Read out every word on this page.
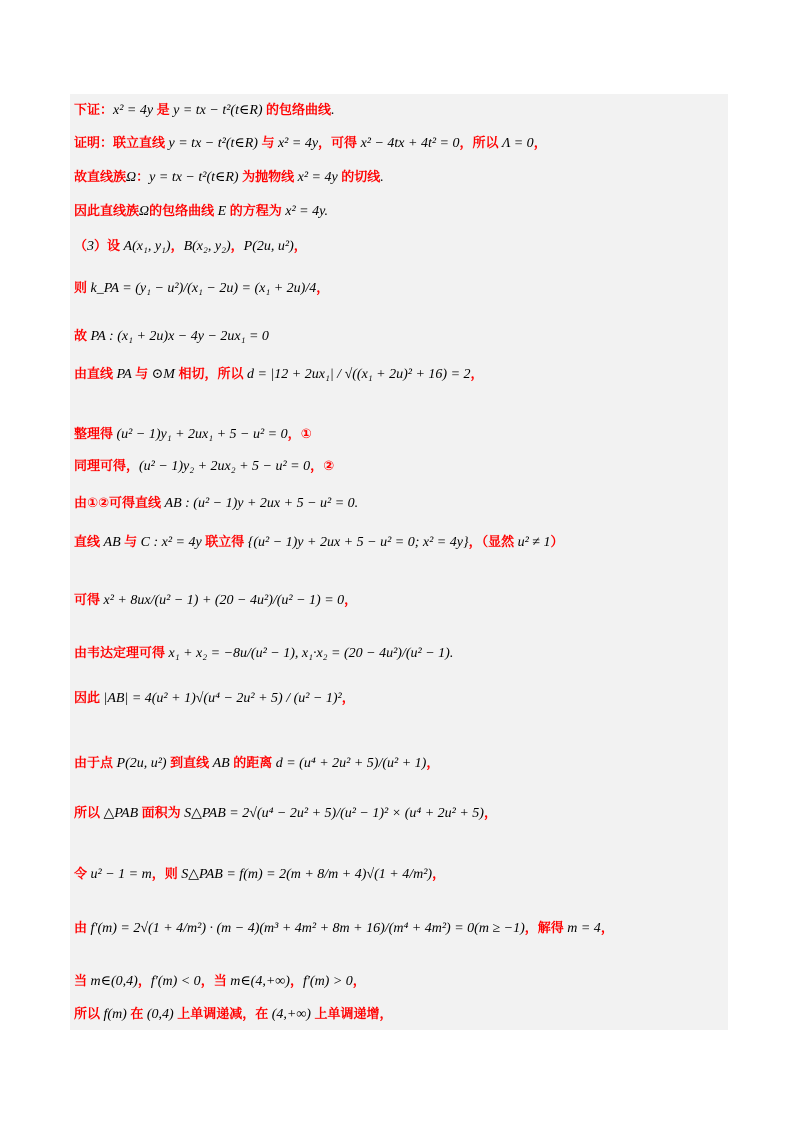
下证：x² = 4y 是 y = tx − t²(t∈R) 的包络曲线.
证明：联立直线 y = tx − t²(t∈R) 与 x² = 4y，可得 x² − 4tx + 4t² = 0，所以 Λ = 0，
故直线族Ω：y = tx − t²(t∈R) 为抛物线 x² = 4y 的切线.
因此直线族Ω的包络曲线 E 的方程为 x² = 4y.
（3）设 A(x₁, y₁)，B(x₂, y₂)，P(2u, u²)，
则 k_PA = (y₁ − u²)/(x₁ − 2u) = (x₁ + 2u)/4，
故 PA : (x₁ + 2u)x − 4y − 2ux₁ = 0
由直线 PA 与 ⊙M 相切，所以 d = |12 + 2ux₁| / √((x₁ + 2u)² + 16) = 2，
整理得 (u² − 1)y₁ + 2ux₁ + 5 − u² = 0，①
同理可得，(u² − 1)y₂ + 2ux₂ + 5 − u² = 0，②
由①②可得直线 AB : (u² − 1)y + 2ux + 5 − u² = 0.
直线 AB 与 C : x² = 4y 联立得 {(u² − 1)y + 2ux + 5 − u² = 0; x² = 4y}，（显然 u² ≠ 1）
可得 x² + 8ux/(u² − 1) + (20 − 4u²)/(u² − 1) = 0，
由韦达定理可得 x₁ + x₂ = −8u/(u² − 1), x₁·x₂ = (20 − 4u²)/(u² − 1).
因此 |AB| = 4(u² + 1)√(u⁴ − 2u² + 5) / (u² − 1)²，
由于点 P(2u, u²) 到直线 AB 的距离 d = (u⁴ + 2u² + 5)/(u² + 1)，
所以 △PAB 面积为 S△PAB = 2√(u⁴ − 2u² + 5)/(u² − 1)² × (u⁴ + 2u² + 5)，
令 u² − 1 = m，则 S△PAB = f(m) = 2(m + 8/m + 4)√(1 + 4/m²)，
由 f′(m) = 2√(1 + 4/m²) · (m − 4)(m³ + 4m² + 8m + 16)/(m⁴ + 4m²) = 0(m ≥ −1)，解得 m = 4，
当 m∈(0,4)，f′(m) < 0，当 m∈(4,+∞)，f′(m) > 0，
所以 f(m) 在 (0,4) 上单调递减，在 (4,+∞) 上单调递增，
